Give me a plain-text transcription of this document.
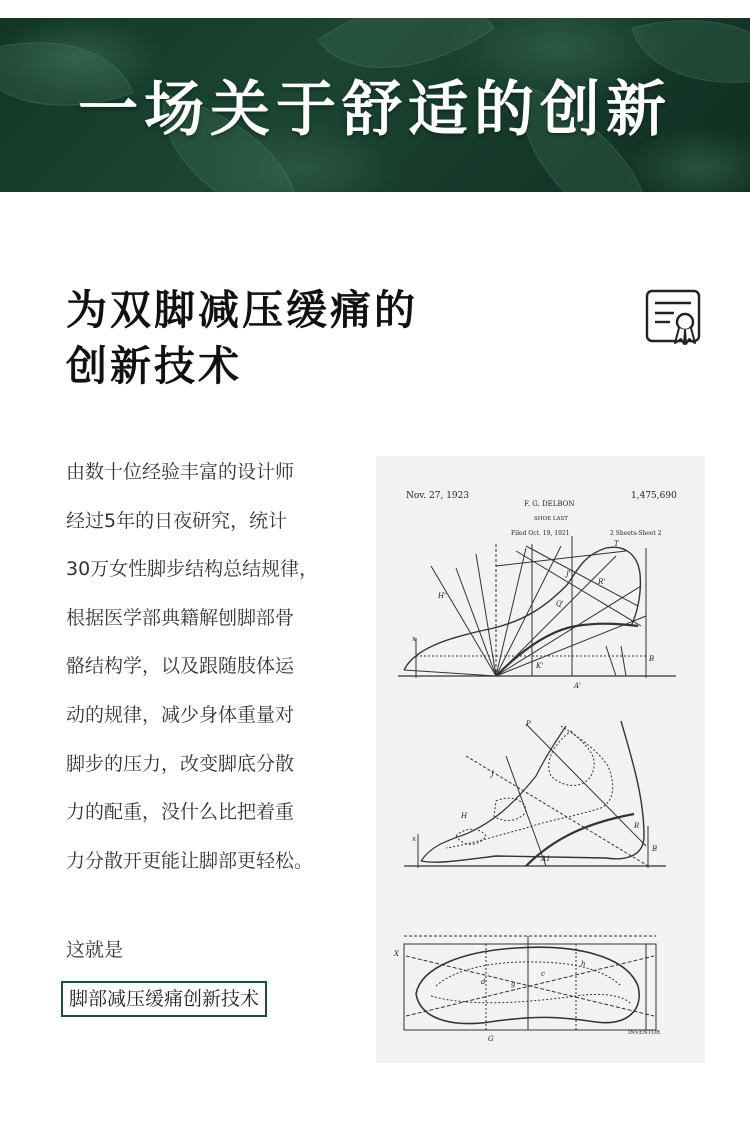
一场关于舒适的创新
为双脚减压缓痛的
创新技术

由数十位经验丰富的设计师

经过5年的日夜研究，统计

30万女性脚步结构总结规律，

根据医学部典籍解刨脚部骨

骼结构学，以及跟随肢体运

动的规律，减少身体重量对

脚步的压力，改变脚底分散

力的配重，没什么比把着重

力分散开更能让脚部更轻松。

这就是
脚部减压缓痛创新技术
Nov. 27, 1923
F. G. DELBON
1,475,690
SHOE LAST
Filed Oct. 19, 1921	2 Sheets-Sheet 2
x
B
A'
T
H'
Q'
R'
J'
K'
x
P
J
H
R
B
A1
X
d	g
c
h
G
INVENTOR
